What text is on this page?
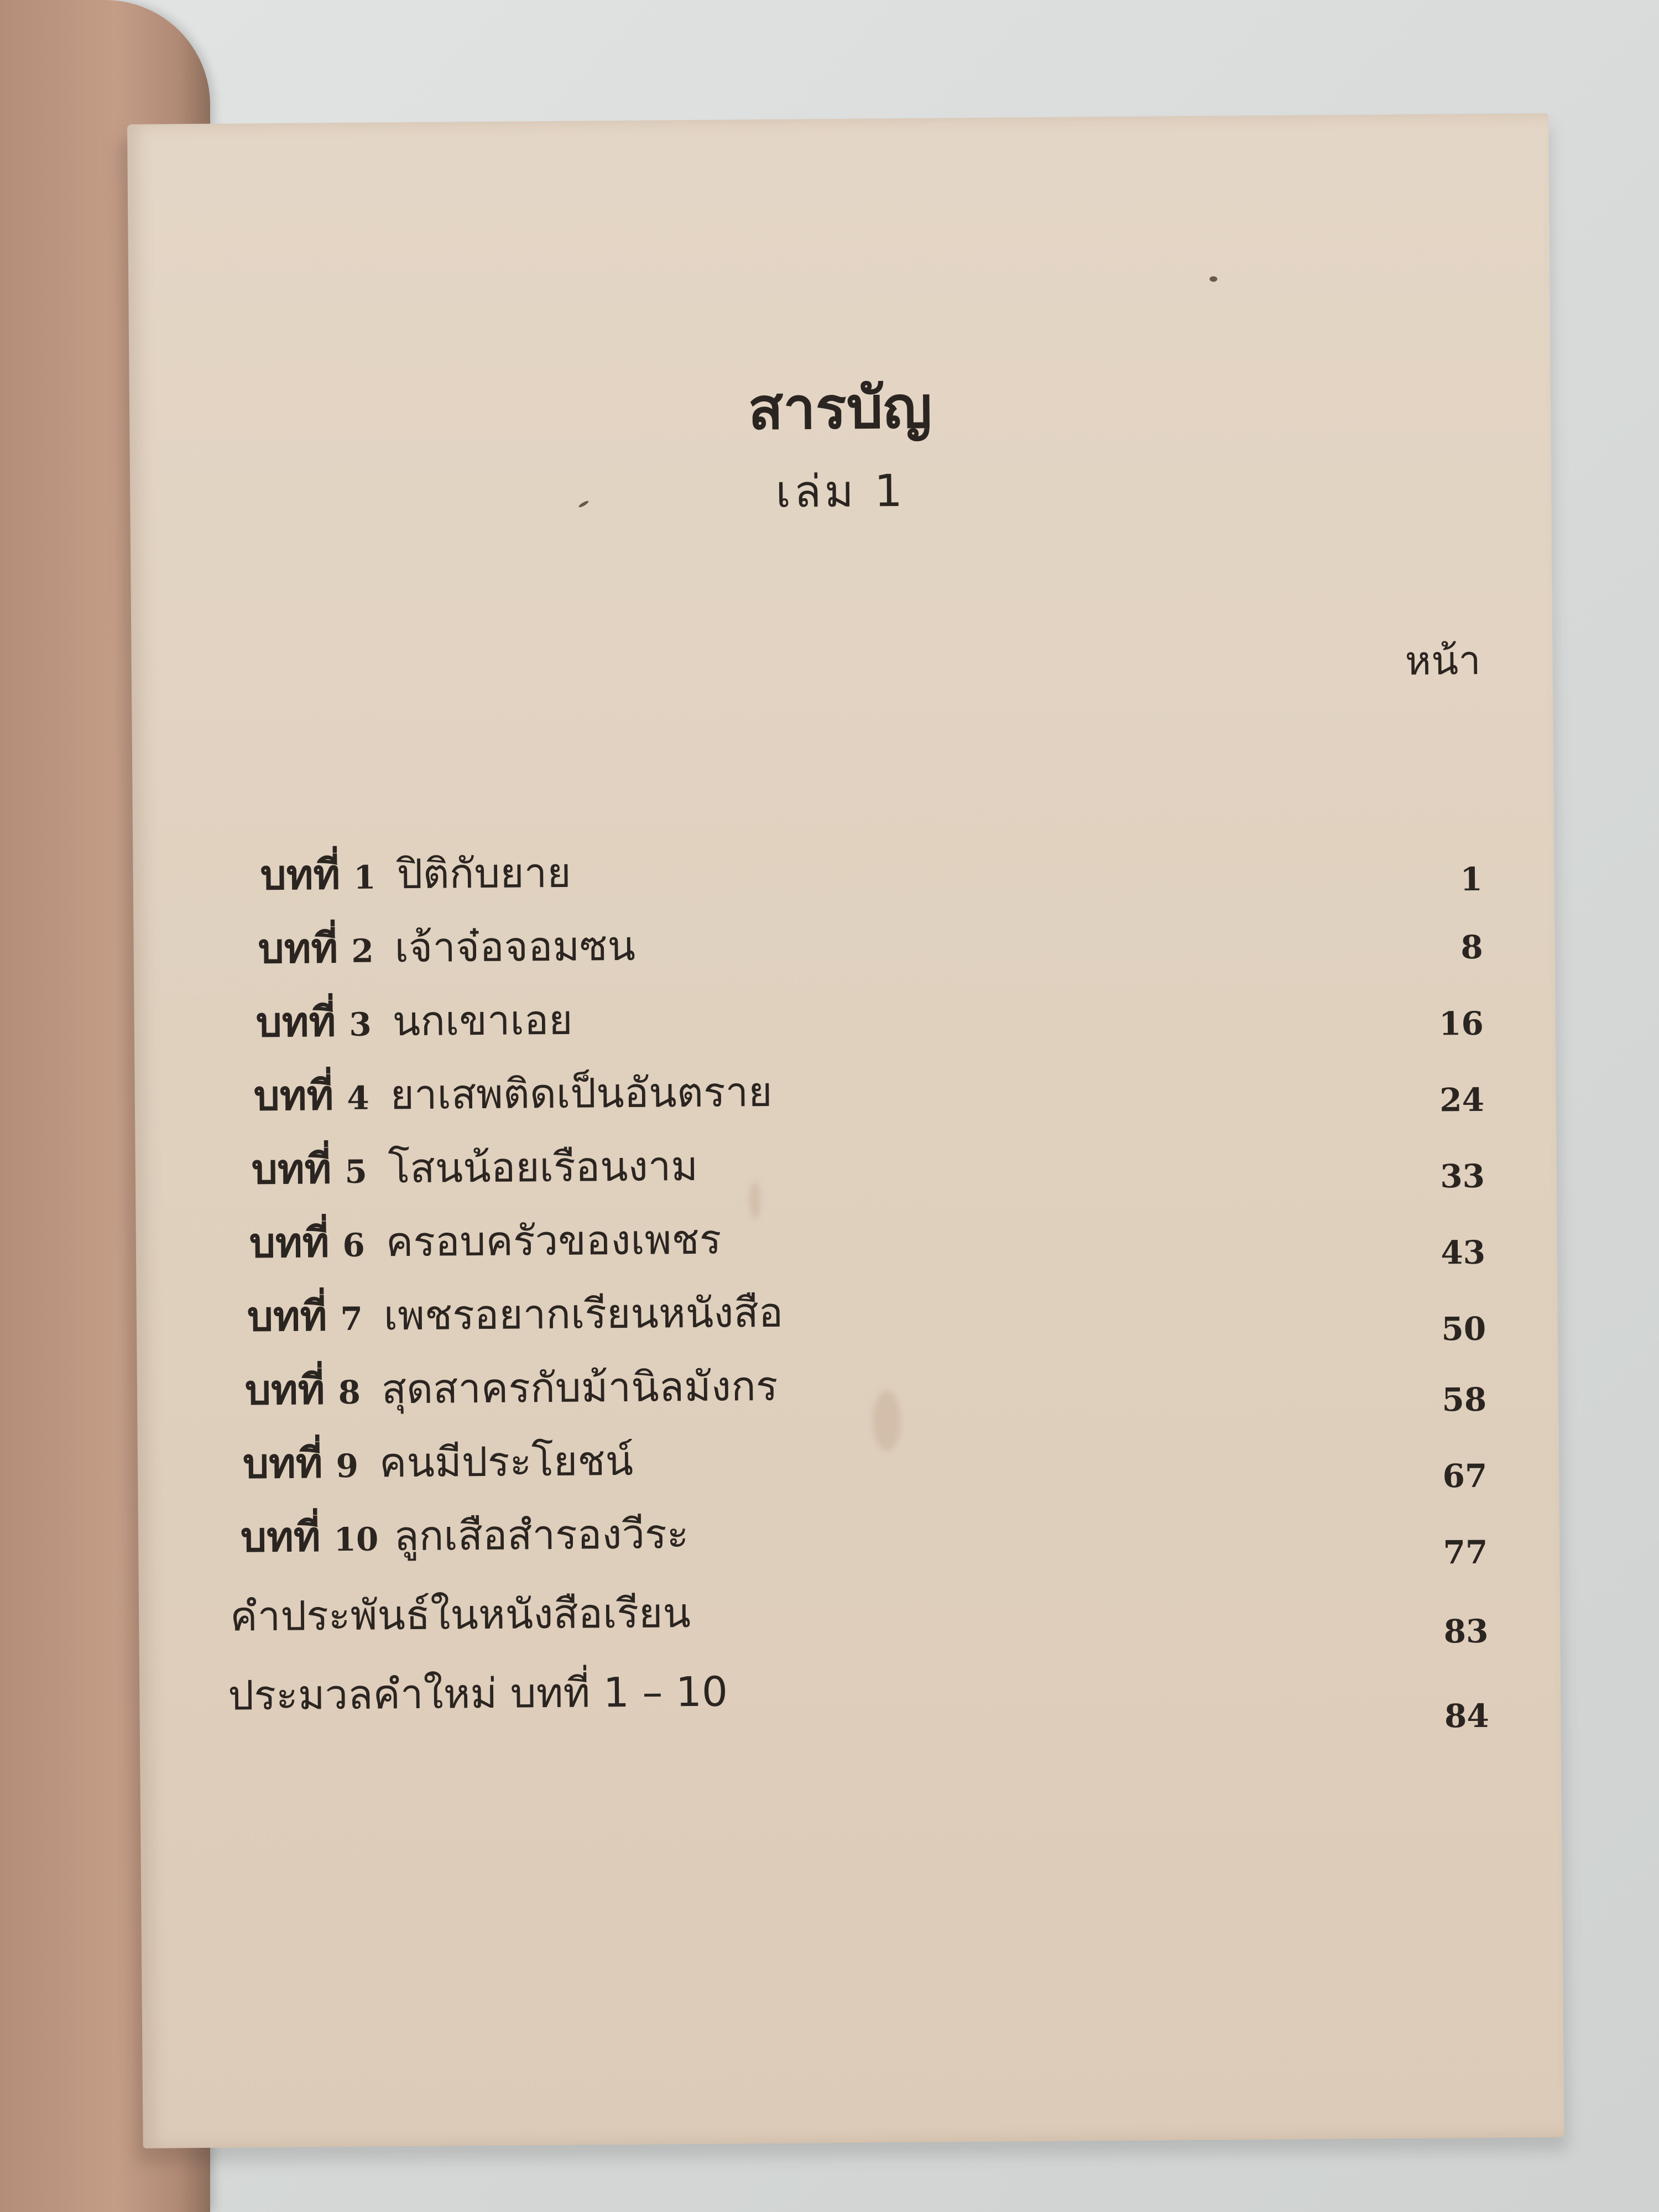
สารบัญ
เล่ม 1
หน้า
บทที่ 1 ปิติกับยาย	1
บทที่ 2 เจ้าจ๋อจอมซน	8
บทที่ 3 นกเขาเอย	16
บทที่ 4 ยาเสพติดเป็นอันตราย	24
บทที่ 5 โสนน้อยเรือนงาม	33
บทที่ 6 ครอบครัวของเพชร	43
บทที่ 7 เพชรอยากเรียนหนังสือ	50
บทที่ 8 สุดสาครกับม้านิลมังกร	58
บทที่ 9 คนมีประโยชน์	67
บทที่ 10 ลูกเสือสำรองวีระ	77
คำประพันธ์ในหนังสือเรียน	83
ประมวลคำใหม่ บทที่ 1 – 10	84
